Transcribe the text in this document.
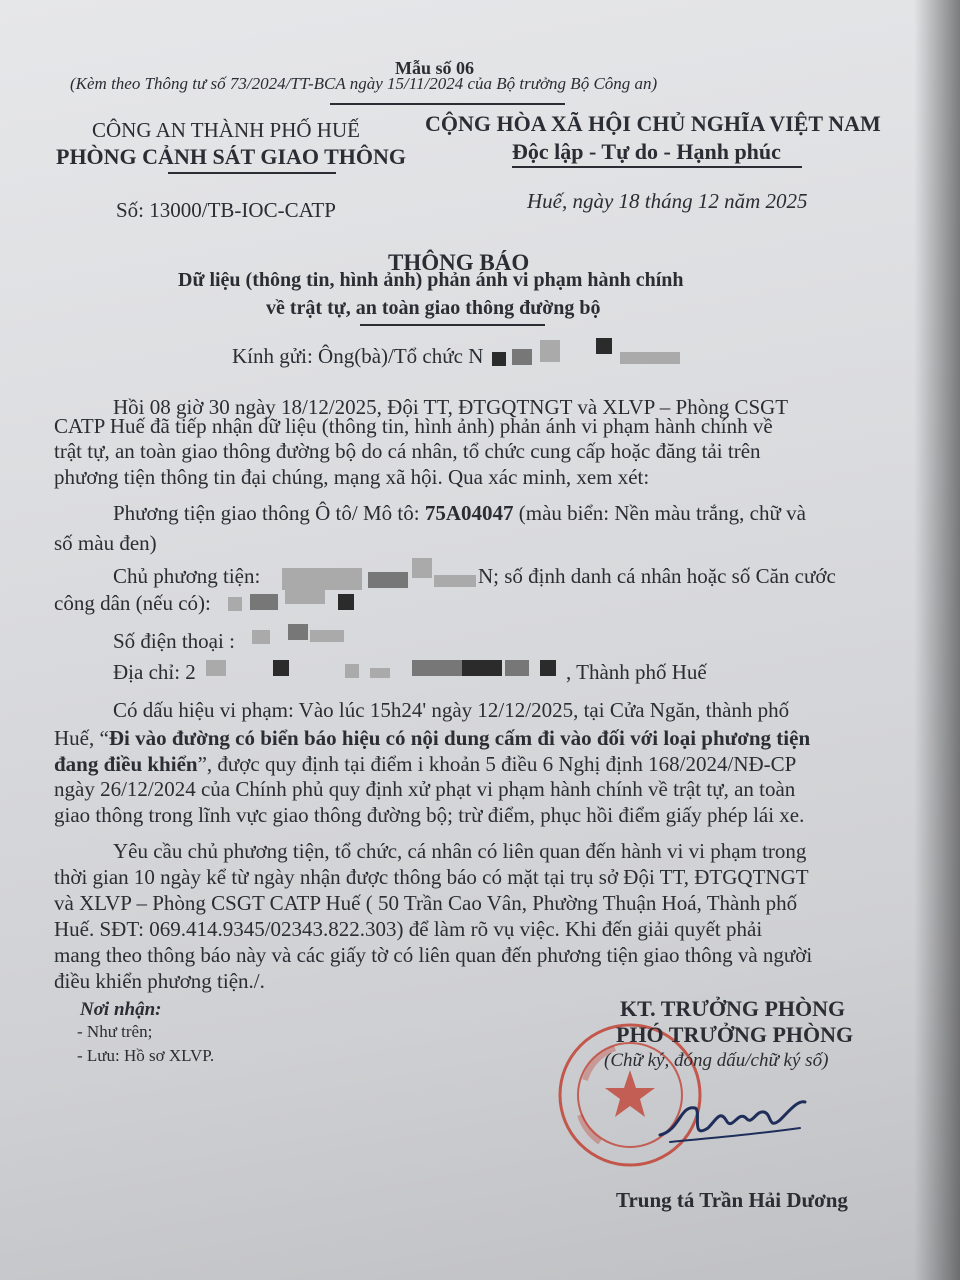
Mẫu số 06
(Kèm theo Thông tư số 73/2024/TT-BCA ngày 15/11/2024 của Bộ trưởng Bộ Công an)
CÔNG AN THÀNH PHỐ HUẾ
PHÒNG CẢNH SÁT GIAO THÔNG
CỘNG HÒA XÃ HỘI CHỦ NGHĨA VIỆT NAM
Độc lập - Tự do - Hạnh phúc
Số: 13000/TB-IOC-CATP	Huế, ngày 18 tháng 12 năm 2025
THÔNG BÁO
Dữ liệu (thông tin, hình ảnh) phản ánh vi phạm hành chính
về trật tự, an toàn giao thông đường bộ
Kính gửi: Ông(bà)/Tổ chức N
Hồi 08 giờ 30 ngày 18/12/2025, Đội TT, ĐTGQTNGT và XLVP – Phòng CSGT
CATP Huế đã tiếp nhận dữ liệu (thông tin, hình ảnh) phản ánh vi phạm hành chính về
trật tự, an toàn giao thông đường bộ do cá nhân, tổ chức cung cấp hoặc đăng tải trên
phương tiện thông tin đại chúng, mạng xã hội. Qua xác minh, xem xét:
Phương tiện giao thông Ô tô/ Mô tô: 75A04047 (màu biển: Nền màu trắng, chữ và
số màu đen)
Chủ phương tiện:	N; số định danh cá nhân hoặc số Căn cước
công dân (nếu có):
Số điện thoại :
Địa chỉ: 2	, Thành phố Huế
Có dấu hiệu vi phạm: Vào lúc 15h24' ngày 12/12/2025, tại Cửa Ngăn, thành phố
Huế, “Đi vào đường có biển báo hiệu có nội dung cấm đi vào đối với loại phương tiện
đang điều khiển”, được quy định tại điểm i khoản 5 điều 6 Nghị định 168/2024/NĐ-CP
ngày 26/12/2024 của Chính phủ quy định xử phạt vi phạm hành chính về trật tự, an toàn
giao thông trong lĩnh vực giao thông đường bộ; trừ điểm, phục hồi điểm giấy phép lái xe.
Yêu cầu chủ phương tiện, tổ chức, cá nhân có liên quan đến hành vi vi phạm trong
thời gian 10 ngày kể từ ngày nhận được thông báo có mặt tại trụ sở Đội TT, ĐTGQTNGT
và XLVP – Phòng CSGT CATP Huế ( 50 Trần Cao Vân, Phường Thuận Hoá, Thành phố
Huế. SĐT: 069.414.9345/02343.822.303) để làm rõ vụ việc. Khi đến giải quyết phải
mang theo thông báo này và các giấy tờ có liên quan đến phương tiện giao thông và người
điều khiển phương tiện./.
Nơi nhận:
- Như trên;
- Lưu: Hồ sơ XLVP.
KT. TRƯỞNG PHÒNG
PHÓ TRƯỞNG PHÒNG
(Chữ ký, đóng dấu/chữ ký số)
Trung tá Trần Hải Dương
